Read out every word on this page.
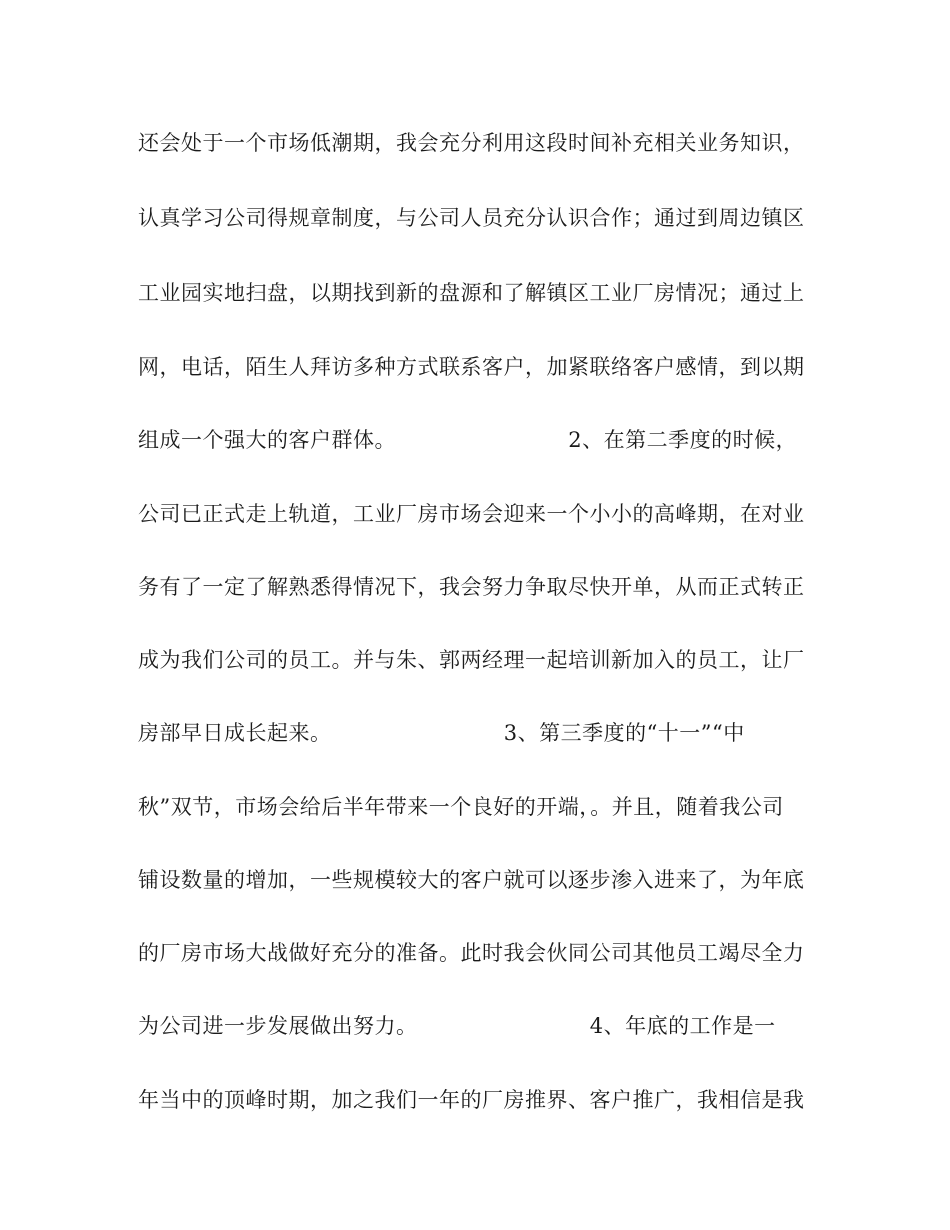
还会处于一个市场低潮期，我会充分利用这段时间补充相关业务知识，
认真学习公司得规章制度，与公司人员充分认识合作；通过到周边镇区
工业园实地扫盘，以期找到新的盘源和了解镇区工业厂房情况；通过上
网，电话，陌生人拜访多种方式联系客户，加紧联络客户感情，到以期
组成一个强大的客户群体。                        2、在第二季度的时候，
公司已正式走上轨道，工业厂房市场会迎来一个小小的高峰期，在对业
务有了一定了解熟悉得情况下，我会努力争取尽快开单，从而正式转正
成为我们公司的员工。并与朱、郭两经理一起培训新加入的员工，让厂
房部早日成长起来。                        3、第三季度的“十一”“中
秋”双节，市场会给后半年带来一个良好的开端，。并且，随着我公司
铺设数量的增加，一些规模较大的客户就可以逐步渗入进来了，为年底
的厂房市场大战做好充分的准备。此时我会伙同公司其他员工竭尽全力
为公司进一步发展做出努力。                        4、年底的工作是一
年当中的顶峰时期，加之我们一年的厂房推界、客户推广，我相信是我
